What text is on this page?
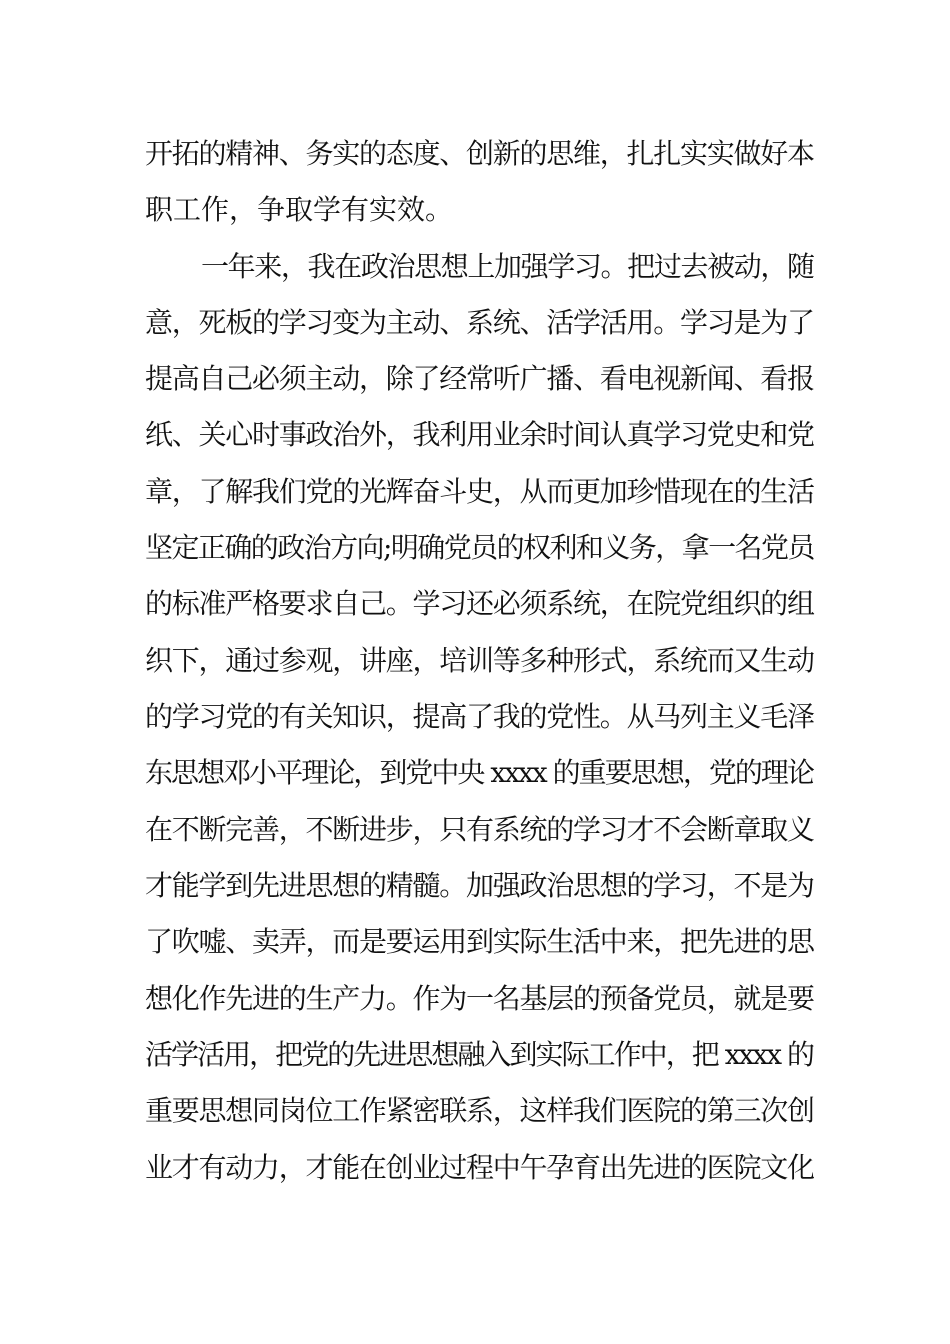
开拓的精神、务实的态度、创新的思维，扎扎实实做好本
职工作，争取学有实效。
一年来，我在政治思想上加强学习。把过去被动，随
意，死板的学习变为主动、系统、活学活用。学习是为了
提高自己必须主动，除了经常听广播、看电视新闻、看报
纸、关心时事政治外，我利用业余时间认真学习党史和党
章，了解我们党的光辉奋斗史，从而更加珍惜现在的生活
坚定正确的政治方向;明确党员的权利和义务，拿一名党员
的标准严格要求自己。学习还必须系统，在院党组织的组
织下，通过参观，讲座，培训等多种形式，系统而又生动
的学习党的有关知识，提高了我的党性。从马列主义毛泽
东思想邓小平理论，到党中央 xxxx 的重要思想，党的理论
在不断完善，不断进步，只有系统的学习才不会断章取义
才能学到先进思想的精髓。加强政治思想的学习，不是为
了吹嘘、卖弄，而是要运用到实际生活中来，把先进的思
想化作先进的生产力。作为一名基层的预备党员，就是要
活学活用，把党的先进思想融入到实际工作中，把 xxxx 的
重要思想同岗位工作紧密联系，这样我们医院的第三次创
业才有动力，才能在创业过程中午孕育出先进的医院文化
